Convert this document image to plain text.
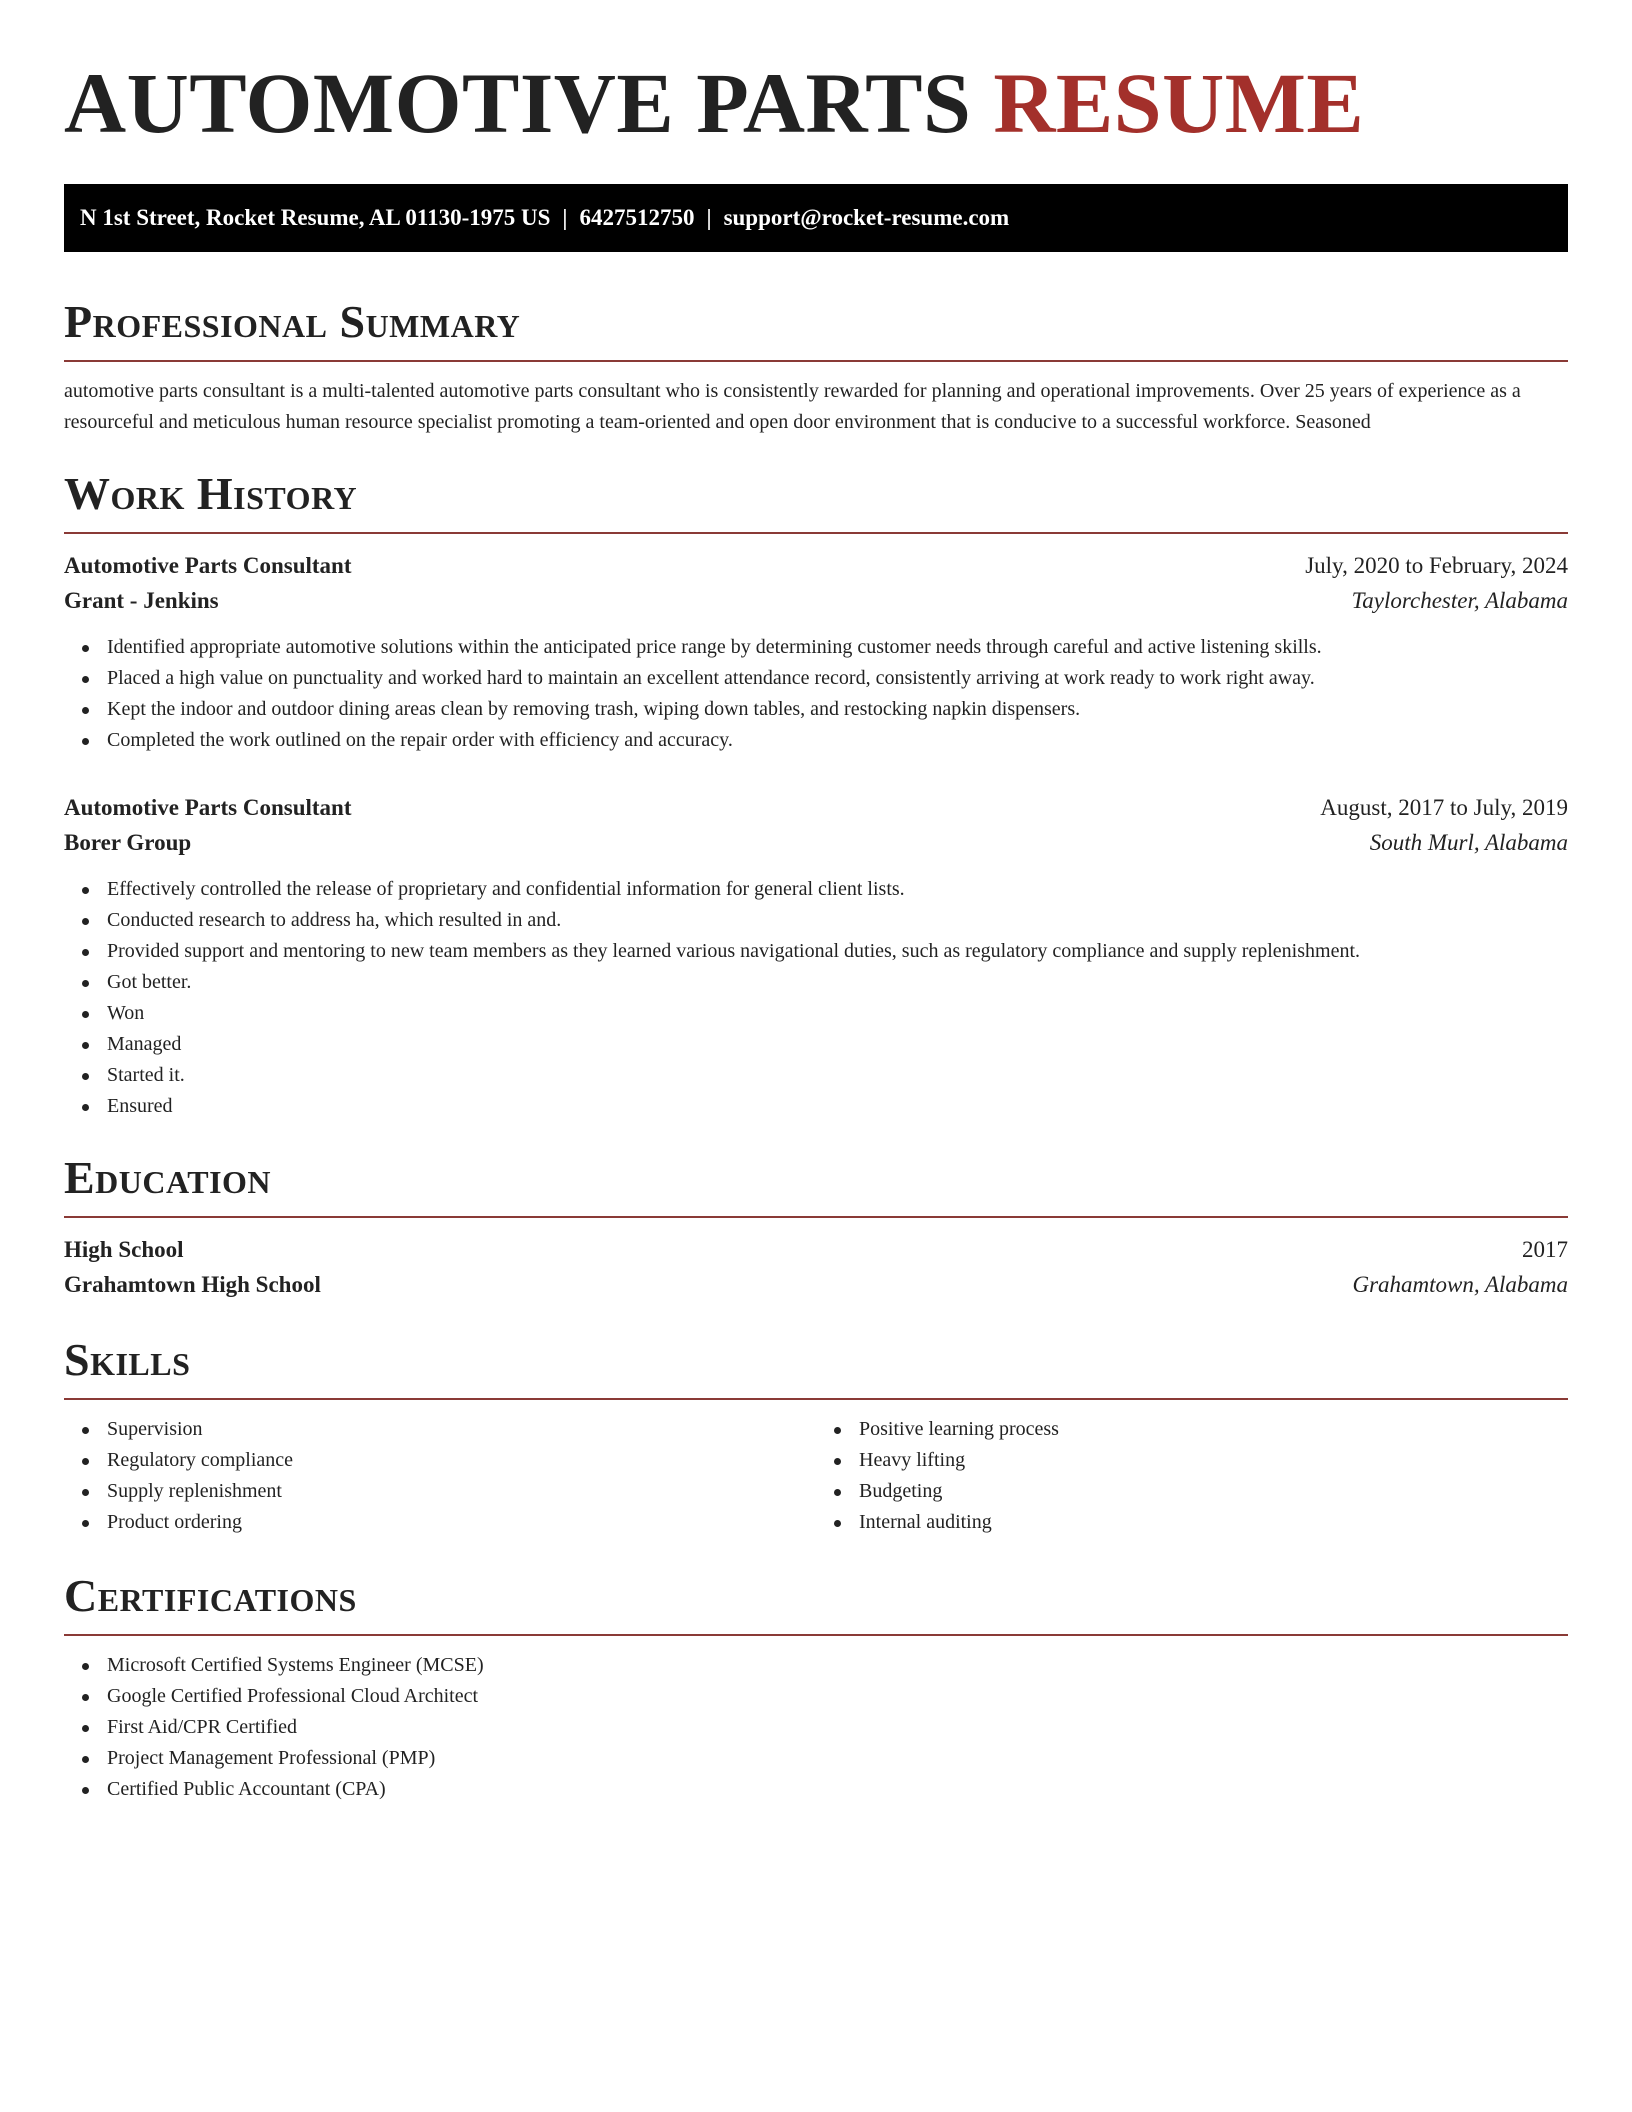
AUTOMOTIVE PARTS RESUME
N 1st Street, Rocket Resume, AL 01130-1975 US | 6427512750 | support@rocket-resume.com
Professional Summary

automotive parts consultant is a multi-talented automotive parts consultant who is consistently rewarded for planning and operational improvements. Over 25 years of experience as a resourceful and meticulous human resource specialist promoting a team-oriented and open door environment that is conducive to a successful workforce. Seasoned

Work History
Automotive Parts Consultant	July, 2020 to February, 2024
Grant - Jenkins	Taylorchester, Alabama
Identified appropriate automotive solutions within the anticipated price range by determining customer needs through careful and active listening skills.
Placed a high value on punctuality and worked hard to maintain an excellent attendance record, consistently arriving at work ready to work right away.
Kept the indoor and outdoor dining areas clean by removing trash, wiping down tables, and restocking napkin dispensers.
Completed the work outlined on the repair order with efficiency and accuracy.
Automotive Parts Consultant	August, 2017 to July, 2019
Borer Group	South Murl, Alabama
Effectively controlled the release of proprietary and confidential information for general client lists.
Conducted research to address ha, which resulted in and.
Provided support and mentoring to new team members as they learned various navigational duties, such as regulatory compliance and supply replenishment.
Got better.
Won
Managed
Started it.
Ensured
Education
High School	2017
Grahamtown High School	Grahamtown, Alabama
Skills
Supervision
Regulatory compliance
Supply replenishment
Product ordering
Positive learning process
Heavy lifting
Budgeting
Internal auditing
Certifications
Microsoft Certified Systems Engineer (MCSE)
Google Certified Professional Cloud Architect
First Aid/CPR Certified
Project Management Professional (PMP)
Certified Public Accountant (CPA)
